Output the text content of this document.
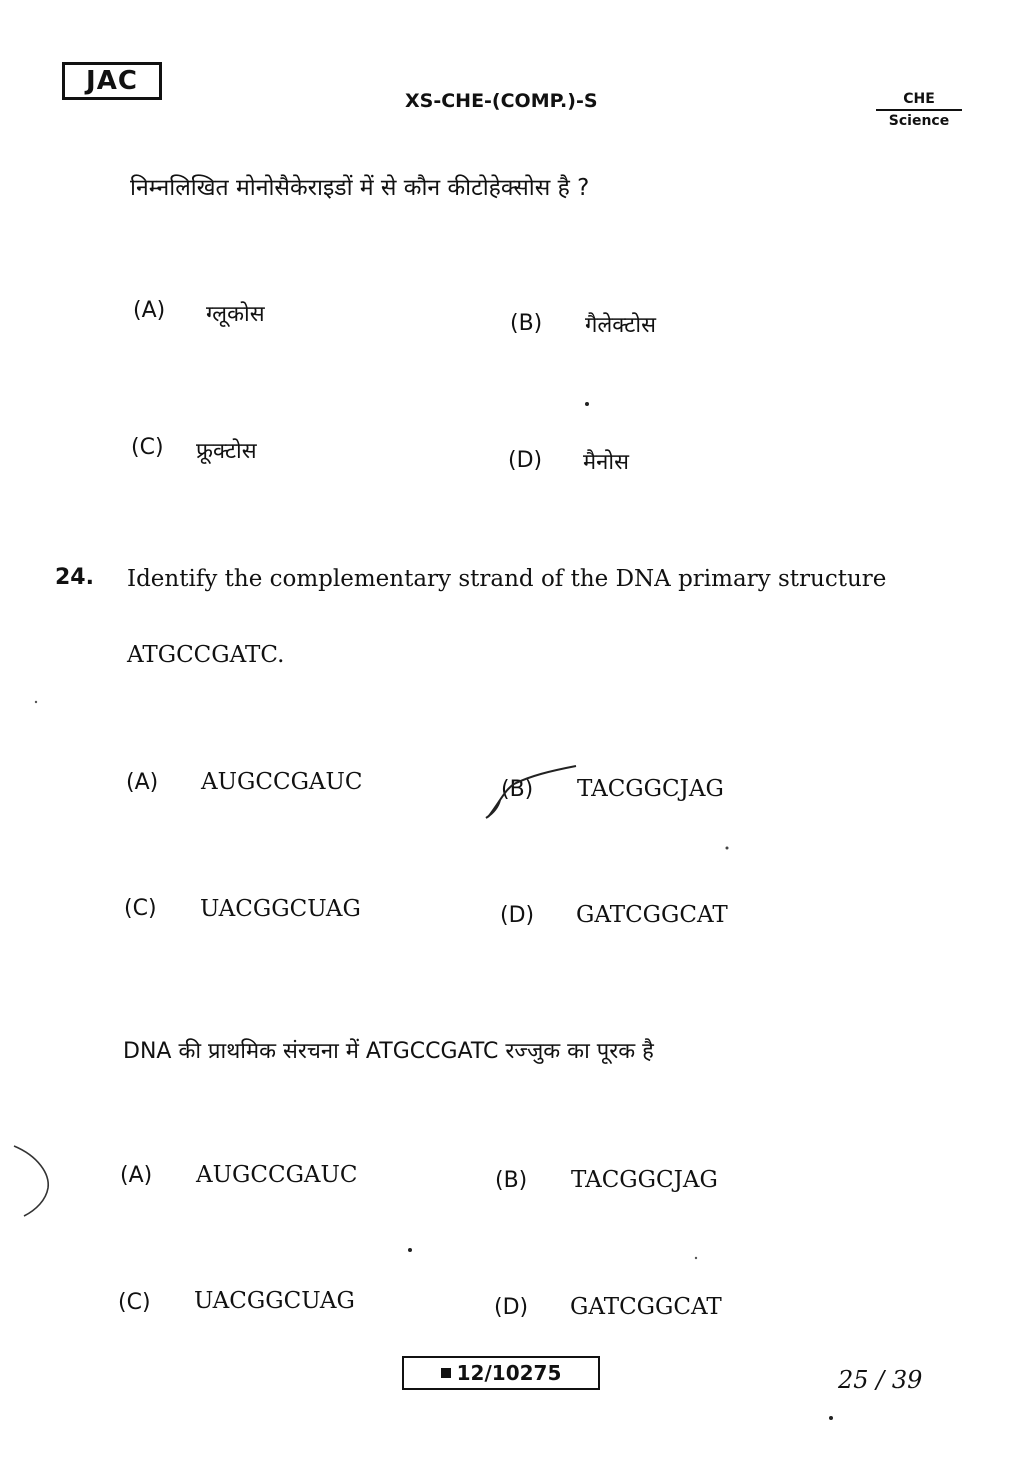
JAC
XS-CHE-(COMP.)-S	CHE
Science
निम्नलिखित मोनोसैकेराइडों में से कौन कीटोहेक्सोस है ?
(A) ग्लूकोस	(B) गैलेक्टोस
(C) फ्रूक्टोस	(D) मैनोस
24. Identify the complementary strand of the DNA primary structure
ATGCCGATC.
(A) AUGCCGAUC	(B) TACGGCJAG
(C) UACGGCUAG	(D) GATCGGCAT
DNA की प्राथमिक संरचना में ATGCCGATC रज्जुक का पूरक है
(A) AUGCCGAUC	(B) TACGGCJAG
(C) UACGGCUAG	(D) GATCGGCAT
12/10275	25 / 39
